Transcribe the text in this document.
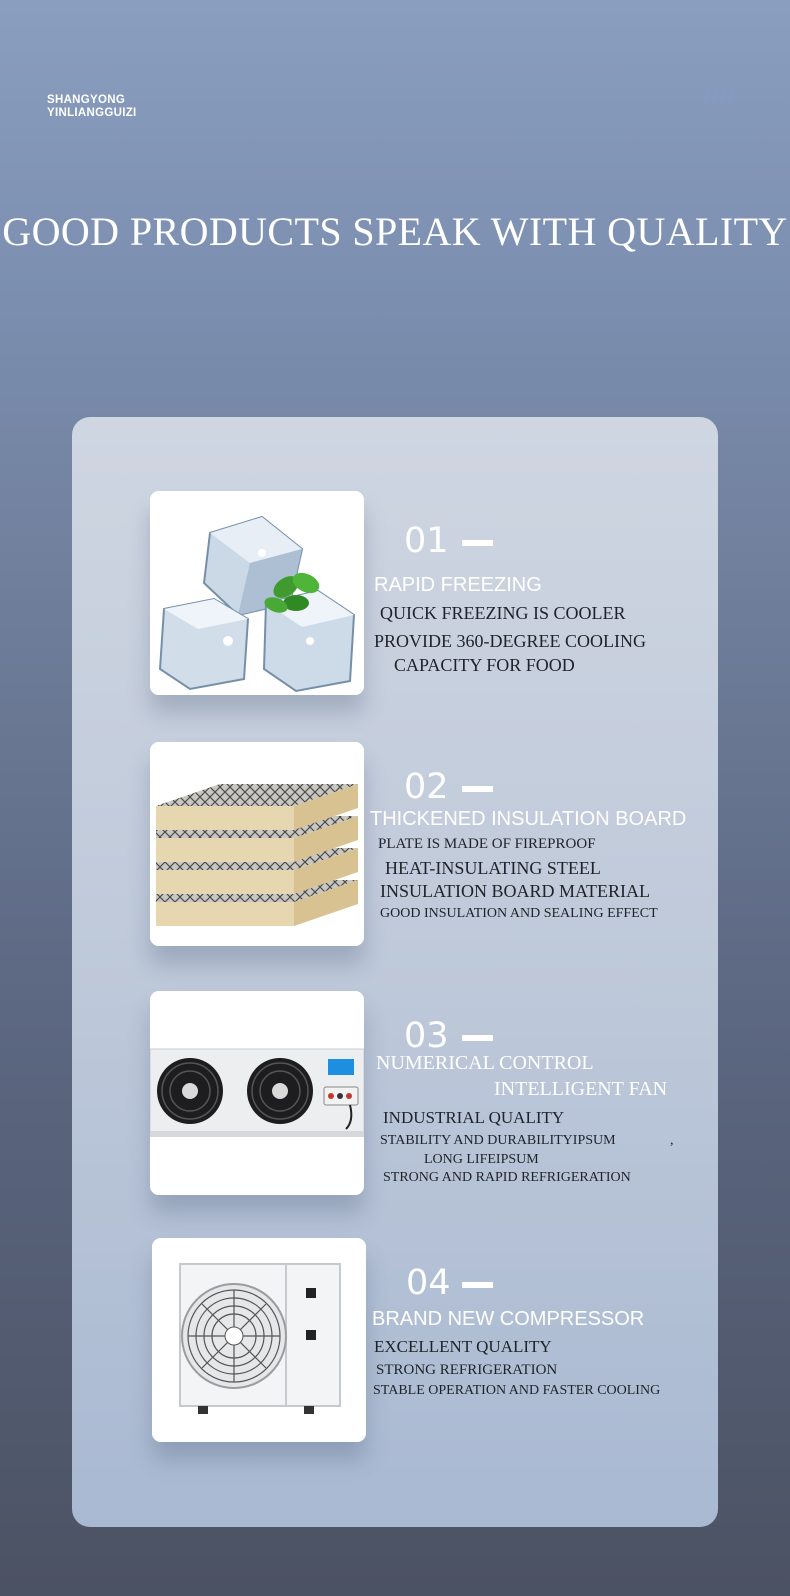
SHANGYONG
YINLIANGGUIZI
GOOD PRODUCTS SPEAK WITH QUALITY
01
RAPID FREEZING
QUICK FREEZING IS COOLER
PROVIDE 360-DEGREE COOLING
CAPACITY FOR FOOD
02
THICKENED INSULATION BOARD
PLATE IS MADE OF FIREPROOF
HEAT-INSULATING STEEL
INSULATION BOARD MATERIAL
GOOD INSULATION AND SEALING EFFECT
03
NUMERICAL CONTROL
INTELLIGENT FAN
INDUSTRIAL QUALITY
STABILITY AND DURABILITYIPSUM	,
LONG LIFEIPSUM
STRONG AND RAPID REFRIGERATION
04
BRAND NEW COMPRESSOR
EXCELLENT QUALITY
STRONG REFRIGERATION
STABLE OPERATION AND FASTER COOLING
